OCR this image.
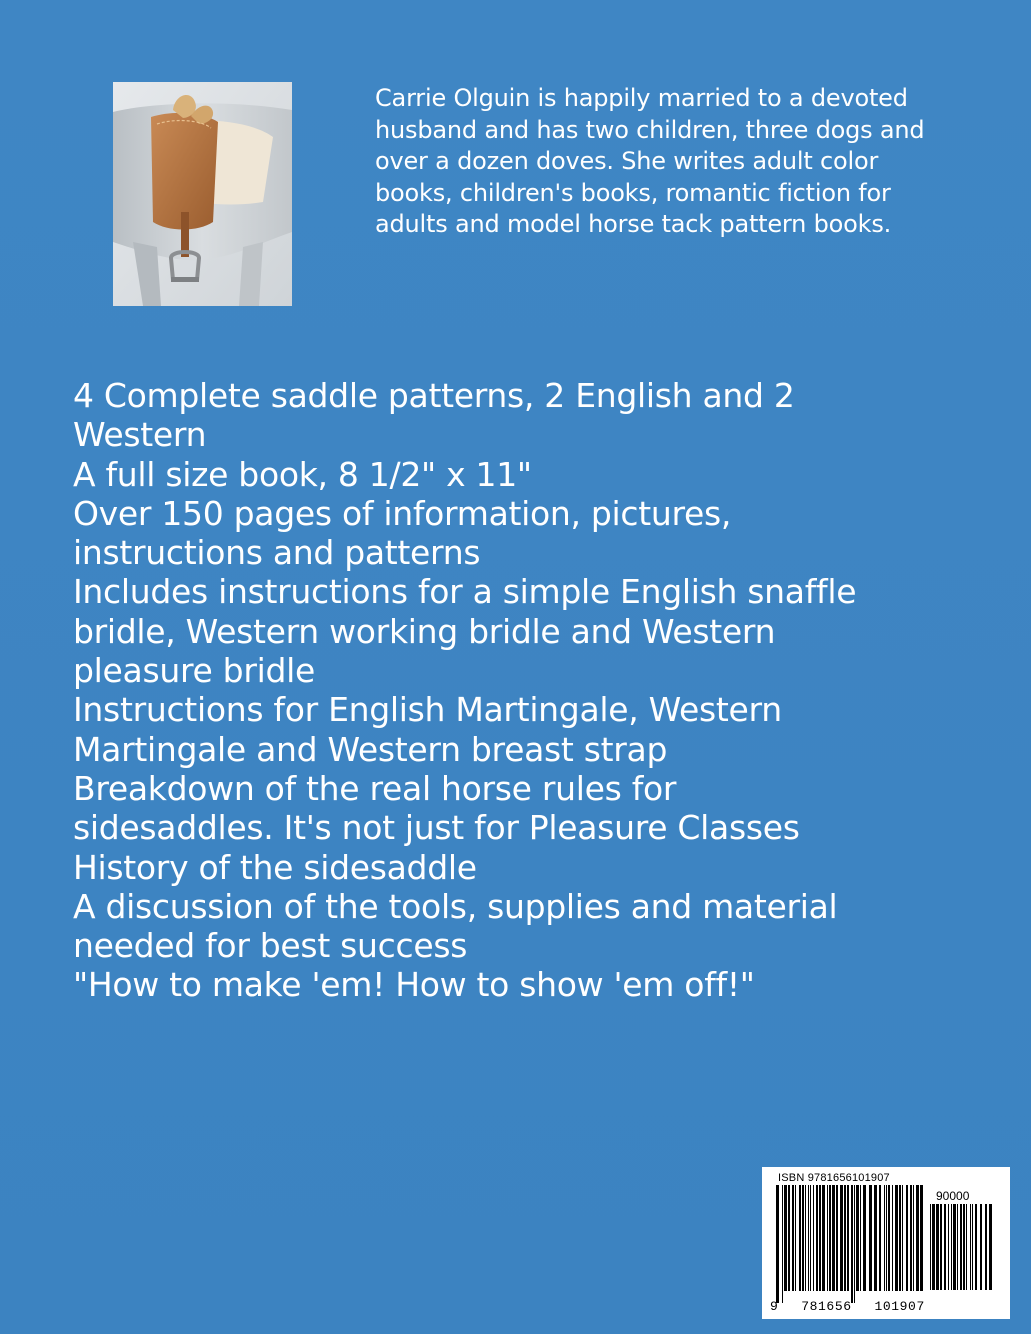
Carrie Olguin is happily married to a devoted
husband and has two children, three dogs and
over a dozen doves. She writes adult color
books, children's books, romantic fiction for
adults and model horse tack pattern books.
4 Complete saddle patterns, 2 English and 2
Western
A full size book, 8 1/2" x 11"
Over 150 pages of information, pictures,
instructions and patterns
Includes instructions for a simple English snaffle
bridle, Western working bridle and Western
pleasure bridle
Instructions for English Martingale, Western
Martingale and Western breast strap
Breakdown of the real horse rules for
sidesaddles. It's not just for Pleasure Classes
History of the sidesaddle
A discussion of the tools, supplies and material
needed for best success
"How to make 'em! How to show 'em off!"
ISBN 9781656101907
90000
9 781656 101907
